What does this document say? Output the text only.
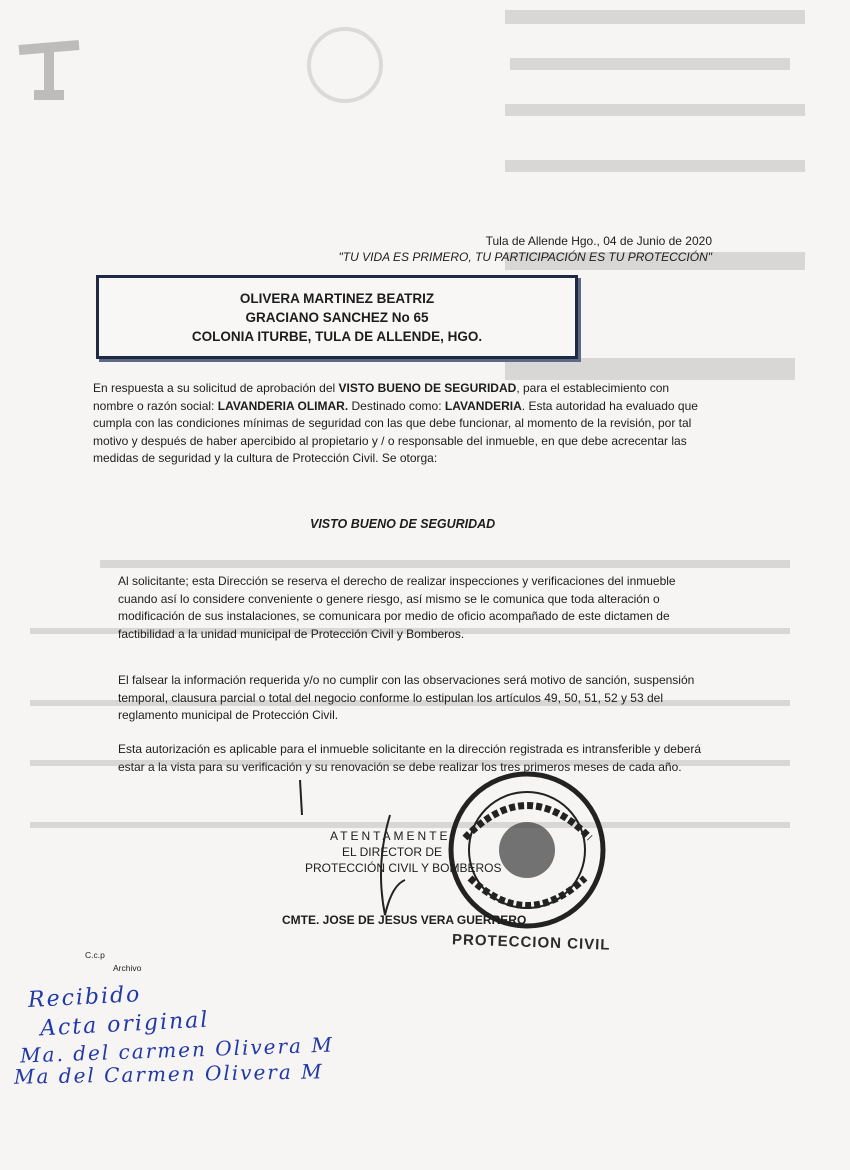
Tula de Allende Hgo., 04 de Junio de 2020
"TU VIDA ES PRIMERO, TU PARTICIPACIÓN ES TU PROTECCIÓN"
OLIVERA MARTINEZ BEATRIZ
GRACIANO SANCHEZ No 65
COLONIA ITURBE, TULA DE ALLENDE, HGO.
En respuesta a su solicitud de aprobación del VISTO BUENO DE SEGURIDAD, para el establecimiento con nombre o razón social: LAVANDERIA OLIMAR. Destinado como: LAVANDERIA. Esta autoridad ha evaluado que cumpla con las condiciones mínimas de seguridad con las que debe funcionar, al momento de la revisión, por tal motivo y después de haber apercibido al propietario y / o responsable del inmueble, en que debe acrecentar las medidas de seguridad y la cultura de Protección Civil. Se otorga:
VISTO BUENO DE SEGURIDAD
Al solicitante; esta Dirección se reserva el derecho de realizar inspecciones y verificaciones del inmueble cuando así lo considere conveniente o genere riesgo, así mismo se le comunica que toda alteración o modificación de sus instalaciones, se comunicara por medio de oficio acompañado de este dictamen de factibilidad a la unidad municipal de Protección Civil y Bomberos.
El falsear la información requerida y/o no cumplir con las observaciones será motivo de sanción, suspensión temporal, clausura parcial o total del negocio conforme lo estipulan los artículos 49, 50, 51, 52 y 53 del reglamento municipal de Protección Civil.
Esta autorización es aplicable para el inmueble solicitante en la dirección registrada es intransferible y deberá estar a la vista para su verificación y su renovación se debe realizar los tres primeros meses de cada año.
ATENTAMENTE
EL DIRECTOR DE
PROTECCIÓN CIVIL Y BOMBEROS
CMTE. JOSE DE JESUS VERA GUERRERO
PROTECCION CIVIL
C.c.p
Archivo
Recibido
Acta original
Ma. del carmen Olivera M
Ma del Carmen Olivera M
